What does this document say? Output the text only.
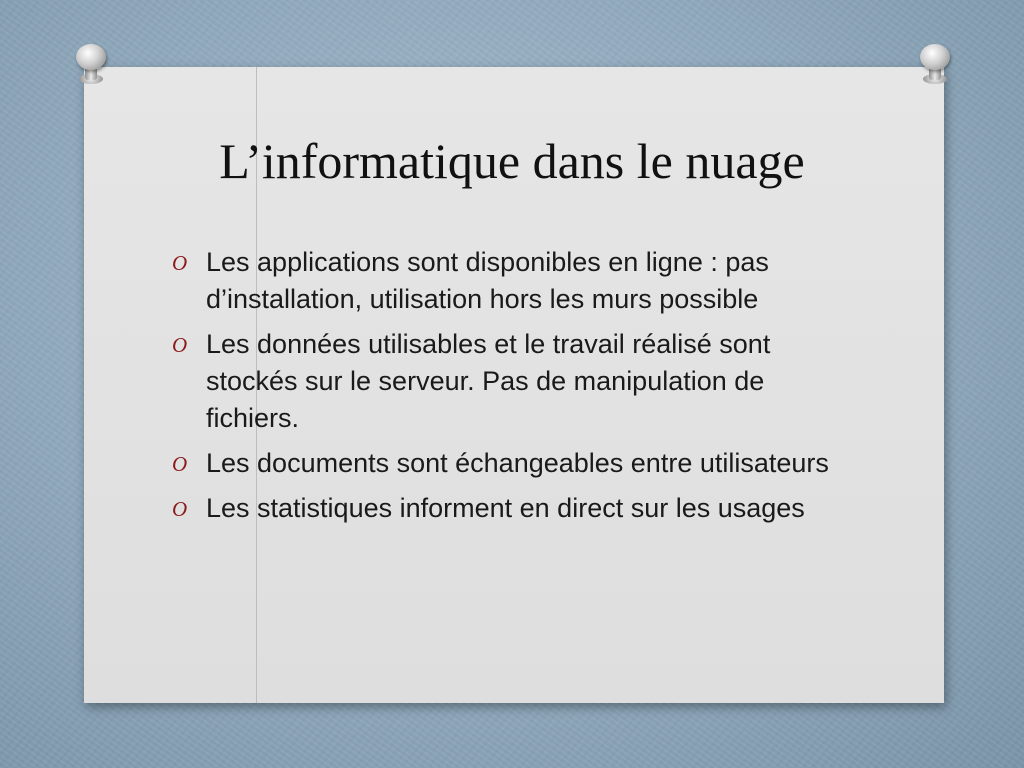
L’informatique dans le nuage
O Les applications sont disponibles en ligne : pas d’installation, utilisation hors les murs possible
O Les données utilisables et le travail réalisé sont stockés sur le serveur. Pas de manipulation de fichiers.
O Les documents sont échangeables entre utilisateurs
O Les statistiques informent en direct sur les usages
